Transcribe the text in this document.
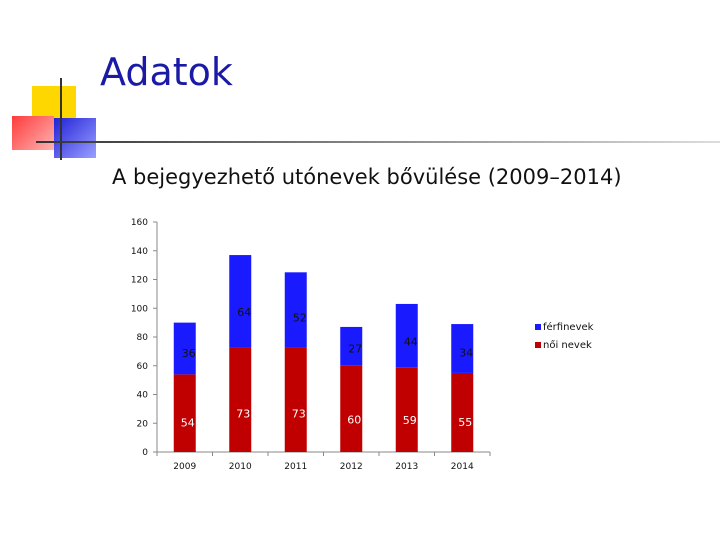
Adatok

A bejegyezhető utónevek bővülése (2009–2014)

0
20
40
60
80
100
120
140
160
2009	2010	2011	2012	2013	2014
54
36
73
64
73
52
60
27
59
44
55
34
férfinevek
női nevek
